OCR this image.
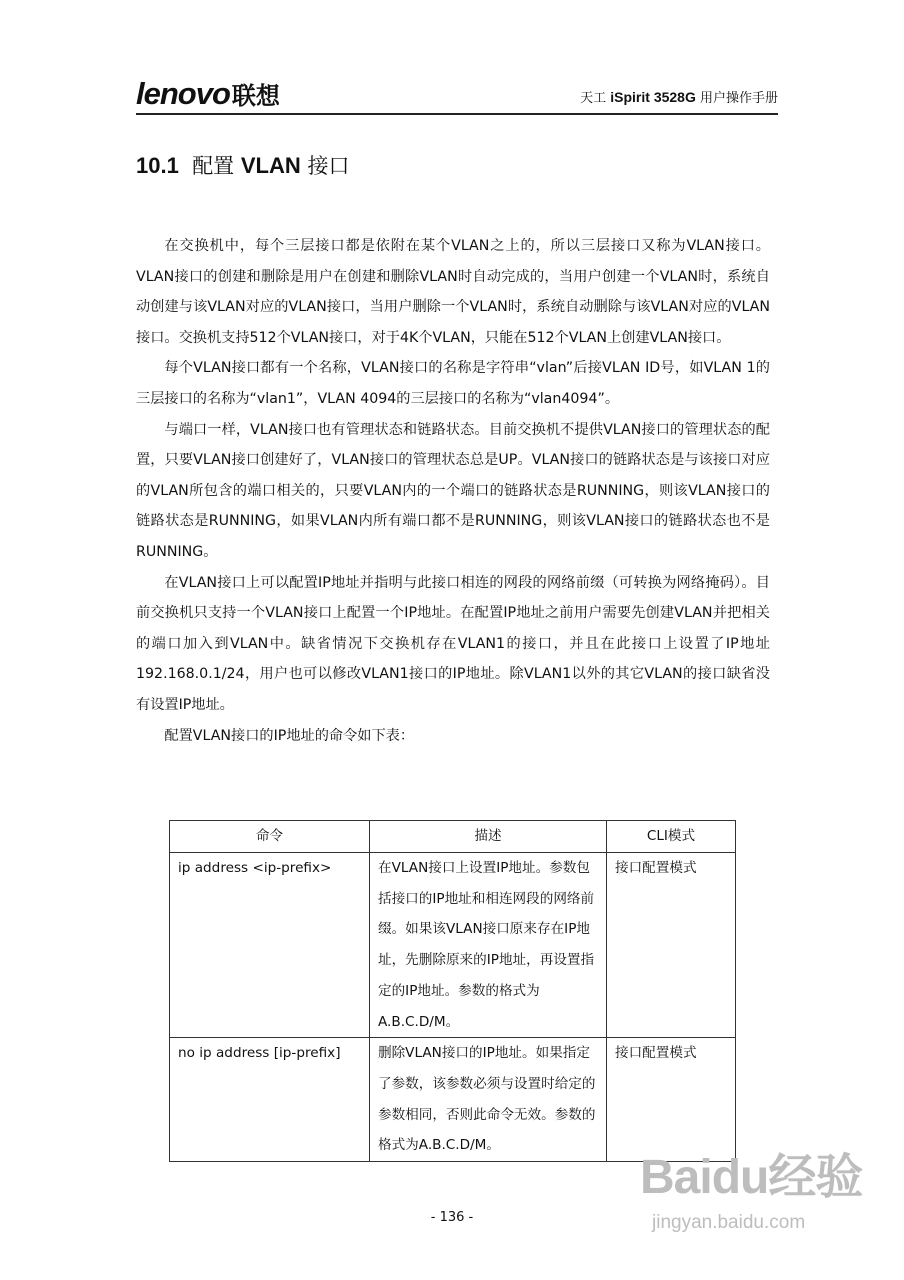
lenovo联想	天工 iSpirit 3528G 用户操作手册
10.1 配置 VLAN 接口

在交换机中，每个三层接口都是依附在某个VLAN之上的，所以三层接口又称为VLAN接口。VLAN接口的创建和删除是用户在创建和删除VLAN时自动完成的，当用户创建一个VLAN时，系统自动创建与该VLAN对应的VLAN接口，当用户删除一个VLAN时，系统自动删除与该VLAN对应的VLAN接口。交换机支持512个VLAN接口，对于4K个VLAN，只能在512个VLAN上创建VLAN接口。

每个VLAN接口都有一个名称，VLAN接口的名称是字符串“vlan”后接VLAN ID号，如VLAN 1的三层接口的名称为“vlan1”，VLAN 4094的三层接口的名称为“vlan4094”。

与端口一样，VLAN接口也有管理状态和链路状态。目前交换机不提供VLAN接口的管理状态的配置，只要VLAN接口创建好了，VLAN接口的管理状态总是UP。VLAN接口的链路状态是与该接口对应的VLAN所包含的端口相关的，只要VLAN内的一个端口的链路状态是RUNNING，则该VLAN接口的链路状态是RUNNING，如果VLAN内所有端口都不是RUNNING，则该VLAN接口的链路状态也不是RUNNING。

在VLAN接口上可以配置IP地址并指明与此接口相连的网段的网络前缀（可转换为网络掩码）。目前交换机只支持一个VLAN接口上配置一个IP地址。在配置IP地址之前用户需要先创建VLAN并把相关的端口加入到VLAN中。缺省情况下交换机存在VLAN1的接口，并且在此接口上设置了IP地址192.168.0.1/24，用户也可以修改VLAN1接口的IP地址。除VLAN1以外的其它VLAN的接口缺省没有设置IP地址。

配置VLAN接口的IP地址的命令如下表：

命令	描述	CLI模式
ip address <ip-prefix>	在VLAN接口上设置IP地址。参数包括接口的IP地址和相连网段的网络前缀。如果该VLAN接口原来存在IP地址，先删除原来的IP地址，再设置指定的IP地址。参数的格式为A.B.C.D/M。	接口配置模式
no ip address [ip-prefix]	删除VLAN接口的IP地址。如果指定了参数，该参数必须与设置时给定的参数相同，否则此命令无效。参数的格式为A.B.C.D/M。	接口配置模式
- 136 -
Baidu经验
jingyan.baidu.com
